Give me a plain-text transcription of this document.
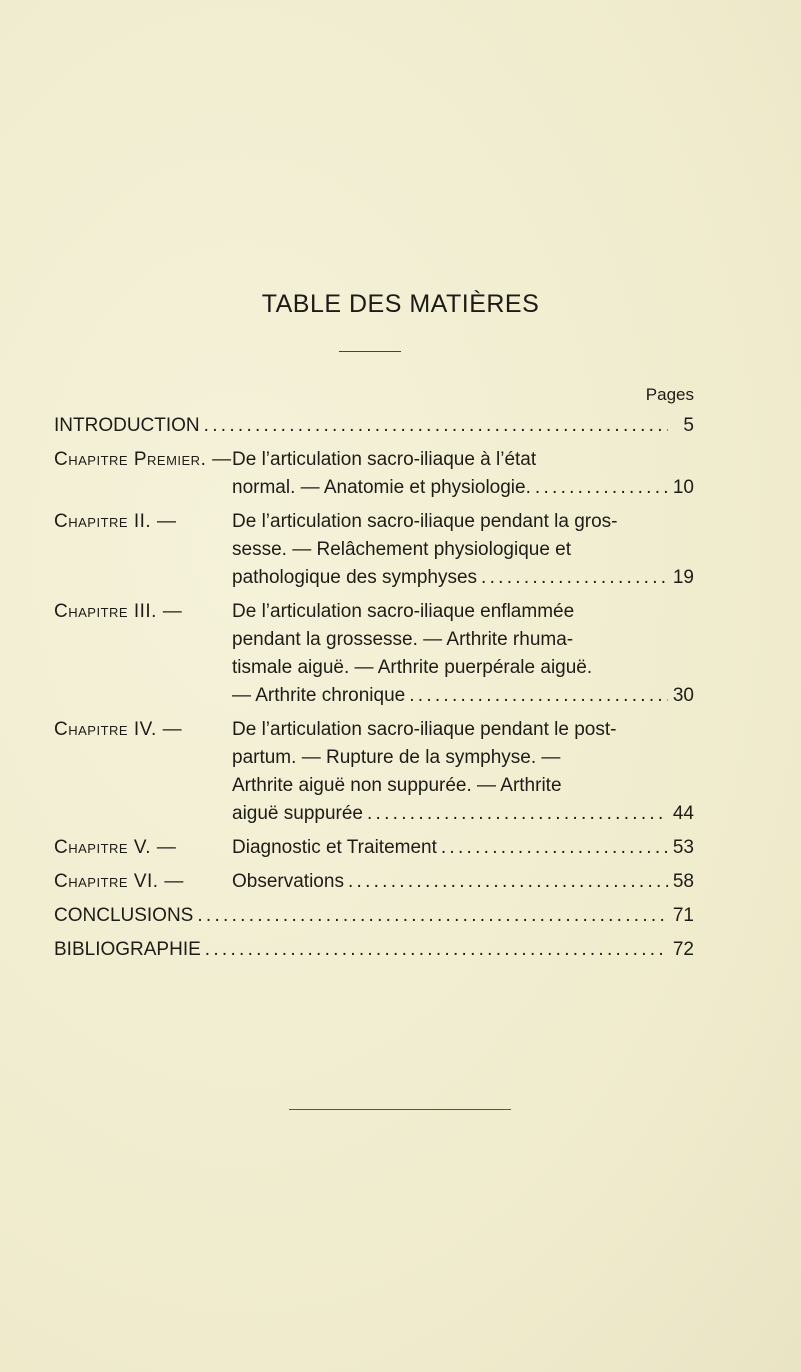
TABLE DES MATIÈRES
Pages
INTRODUCTION . . .	5
Chapitre Premier. — De l’articulation sacro-iliaque à l’état
normal. — Anatomie et physiologie. . . .	10
Chapitre II. —	De l’articulation sacro-iliaque pendant la gros-
sesse. — Relâchement physiologique et
pathologique des symphyses . . .	19
Chapitre III. —	De l’articulation sacro-iliaque enflammée
pendant la grossesse. — Arthrite rhuma-
tismale aiguë. — Arthrite puerpérale aiguë.
— Arthrite chronique . . .	30
Chapitre IV. —	De l’articulation sacro-iliaque pendant le post-
partum. — Rupture de la symphyse. —
Arthrite aiguë non suppurée. — Arthrite
aiguë suppurée . . .	44
Chapitre V. —	Diagnostic et Traitement . . .	53
Chapitre VI. —	Observations . . .	58
CONCLUSIONS . . .	71
BIBLIOGRAPHIE . . .	72
